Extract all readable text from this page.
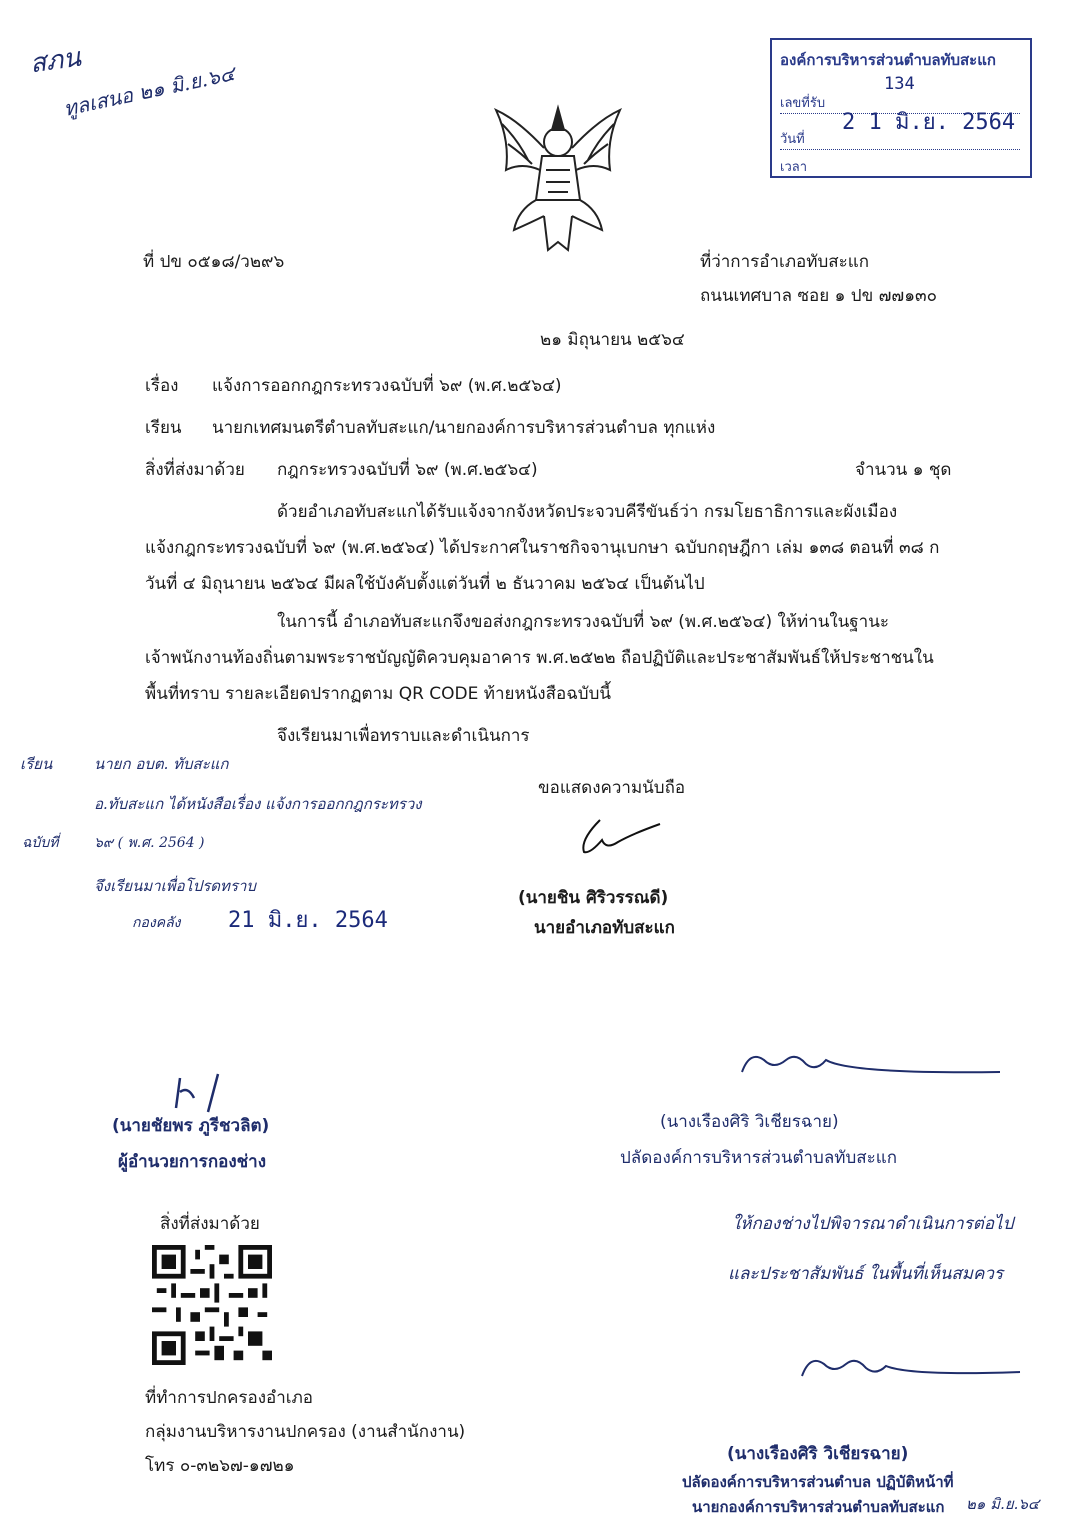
สภน
ทูลเสนอ ๒๑ มิ.ย.๖๔
องค์การบริหารส่วนตำบลทับสะแก
เลขที่รับ
134
วันที่
2 1 มิ.ย. 2564
เวลา
ที่ ปข ๐๕๑๘/ว๒๙๖	ที่ว่าการอำเภอทับสะแก
ถนนเทศบาล ซอย ๑ ปข ๗๗๑๓๐
๒๑ มิถุนายน ๒๕๖๔
เรื่อง แจ้งการออกกฎกระทรวงฉบับที่ ๖๙ (พ.ศ.๒๕๖๔)
เรียน นายกเทศมนตรีตำบลทับสะแก/นายกองค์การบริหารส่วนตำบล ทุกแห่ง
สิ่งที่ส่งมาด้วย กฎกระทรวงฉบับที่ ๖๙ (พ.ศ.๒๕๖๔)	จำนวน ๑ ชุด
ด้วยอำเภอทับสะแกได้รับแจ้งจากจังหวัดประจวบคีรีขันธ์ว่า กรมโยธาธิการและผังเมือง
แจ้งกฎกระทรวงฉบับที่ ๖๙ (พ.ศ.๒๕๖๔) ได้ประกาศในราชกิจจานุเบกษา ฉบับกฤษฎีกา เล่ม ๑๓๘ ตอนที่ ๓๘ ก
วันที่ ๔ มิถุนายน ๒๕๖๔ มีผลใช้บังคับตั้งแต่วันที่ ๒ ธันวาคม ๒๕๖๔ เป็นต้นไป
ในการนี้ อำเภอทับสะแกจึงขอส่งกฎกระทรวงฉบับที่ ๖๙ (พ.ศ.๒๕๖๔) ให้ท่านในฐานะ
เจ้าพนักงานท้องถิ่นตามพระราชบัญญัติควบคุมอาคาร พ.ศ.๒๕๒๒ ถือปฏิบัติและประชาสัมพันธ์ให้ประชาชนใน
พื้นที่ทราบ รายละเอียดปรากฏตาม QR CODE ท้ายหนังสือฉบับนี้
จึงเรียนมาเพื่อทราบและดำเนินการ
เรียน	นายก อบต. ทับสะแก
อ.ทับสะแก ได้หนังสือเรื่อง แจ้งการออกกฎกระทรวง
ฉบับที่	๖๙ ( พ.ศ. 2564 )
จึงเรียนมาเพื่อโปรดทราบ
กองคลัง 21 มิ.ย. 2564
ขอแสดงความนับถือ
(นายชิน ศิริวรรณดี)
นายอำเภอทับสะแก
(นางเรืองศิริ วิเชียรฉาย)
ปลัดองค์การบริหารส่วนตำบลทับสะแก
ให้กองช่างไปพิจารณาดำเนินการต่อไป
และประชาสัมพันธ์ ในพื้นที่เห็นสมควร
(นายชัยพร ภูรีชวลิต)
ผู้อำนวยการกองช่าง
สิ่งที่ส่งมาด้วย
ที่ทำการปกครองอำเภอ
กลุ่มงานบริหารงานปกครอง (งานสำนักงาน)
โทร ๐-๓๒๖๗-๑๗๒๑
(นางเรืองศิริ วิเชียรฉาย)
ปลัดองค์การบริหารส่วนตำบล ปฏิบัติหน้าที่
นายกองค์การบริหารส่วนตำบลทับสะแก ๒๑ มิ.ย.๖๔
